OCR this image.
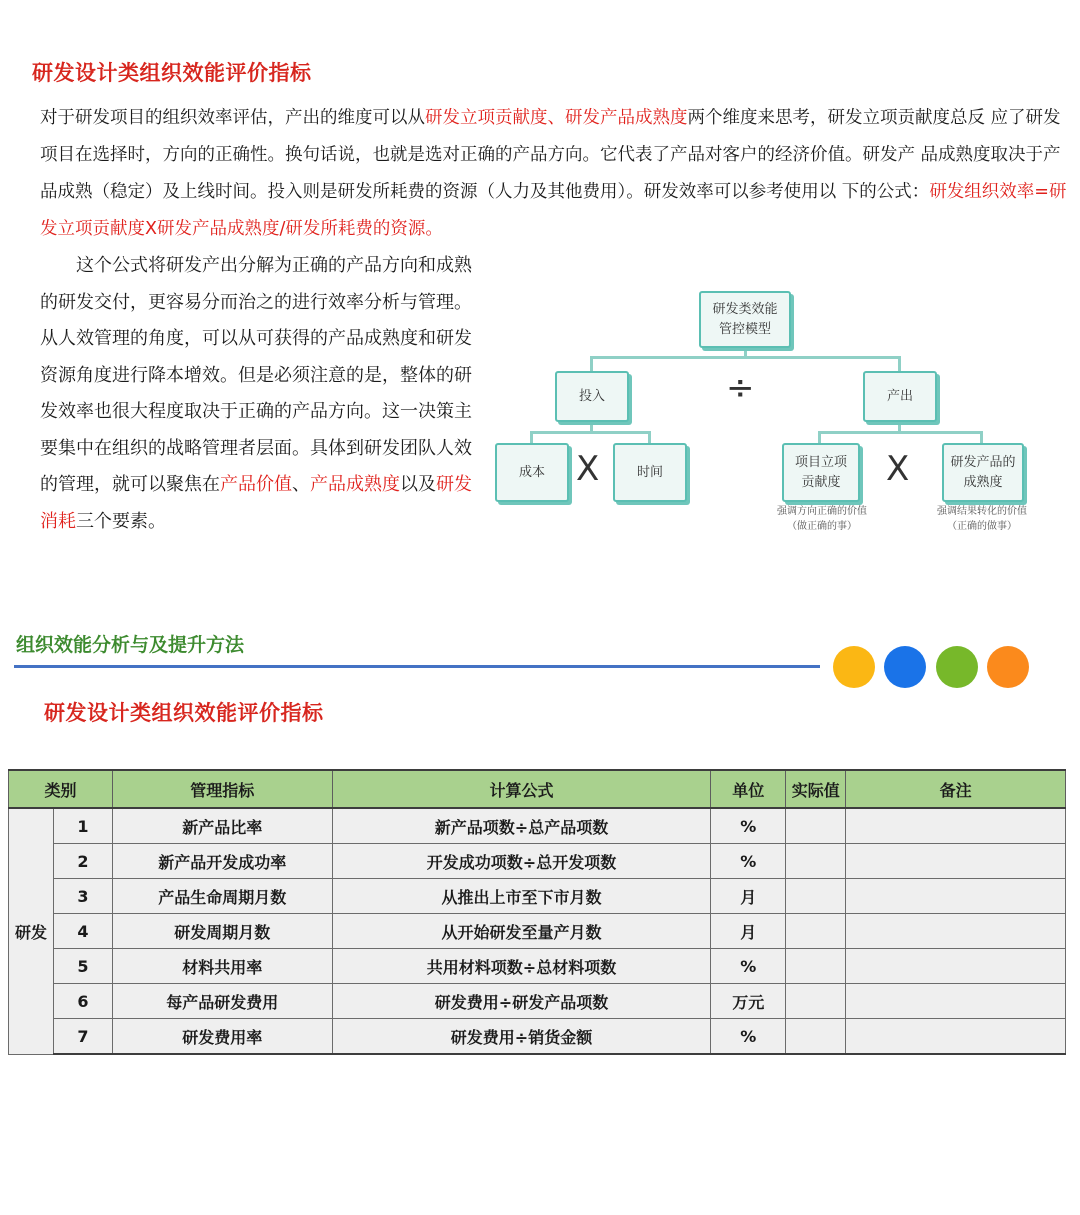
研发设计类组织效能评价指标

对于研发项目的组织效率评估，产出的维度可以从研发立项贡献度、研发产品成熟度两个维度来思考，研发立项贡献度总反 应了研发项目在选择时，方向的正确性。换句话说，也就是选对正确的产品方向。它代表了产品对客户的经济价值。研发产 品成熟度取决于产品成熟（稳定）及上线时间。投入则是研发所耗费的资源（人力及其他费用）。研发效率可以参考使用以 下的公式：研发组织效率=研发立项贡献度X研发产品成熟度/研发所耗费的资源。

这个公式将研发产出分解为正确的产品方向和成熟的研发交付，更容易分而治之的进行效率分析与管理。从人效管理的角度，可以从可获得的产品成熟度和研发资源角度进行降本增效。但是必须注意的是，整体的研发效率也很大程度取决于正确的产品方向。这一决策主要集中在组织的战略管理者层面。具体到研发团队人效的管理，就可以聚焦在产品价值、产品成熟度以及研发消耗三个要素。

研发类效能
管控模型
投入	产出
÷
成本 X	时间
项目立项
贡献度 X	研发产品的
成熟度
强调方向正确的价值
（做正确的事）
强调结果转化的价值
（正确的做事）
组织效能分析与及提升方法
研发设计类组织效能评价指标
类别		管理指标	计算公式	单位	实际值	备注
研发	1	新产品比率	新产品项数÷总产品项数	%		
	2	新产品开发成功率	开发成功项数÷总开发项数	%		
	3	产品生命周期月数	从推出上市至下市月数	月		
	4	研发周期月数	从开始研发至量产月数	月		
	5	材料共用率	共用材料项数÷总材料项数	%		
	6	每产品研发费用	研发费用÷研发产品项数	万元		
	7	研发费用率	研发费用÷销货金额	%		
